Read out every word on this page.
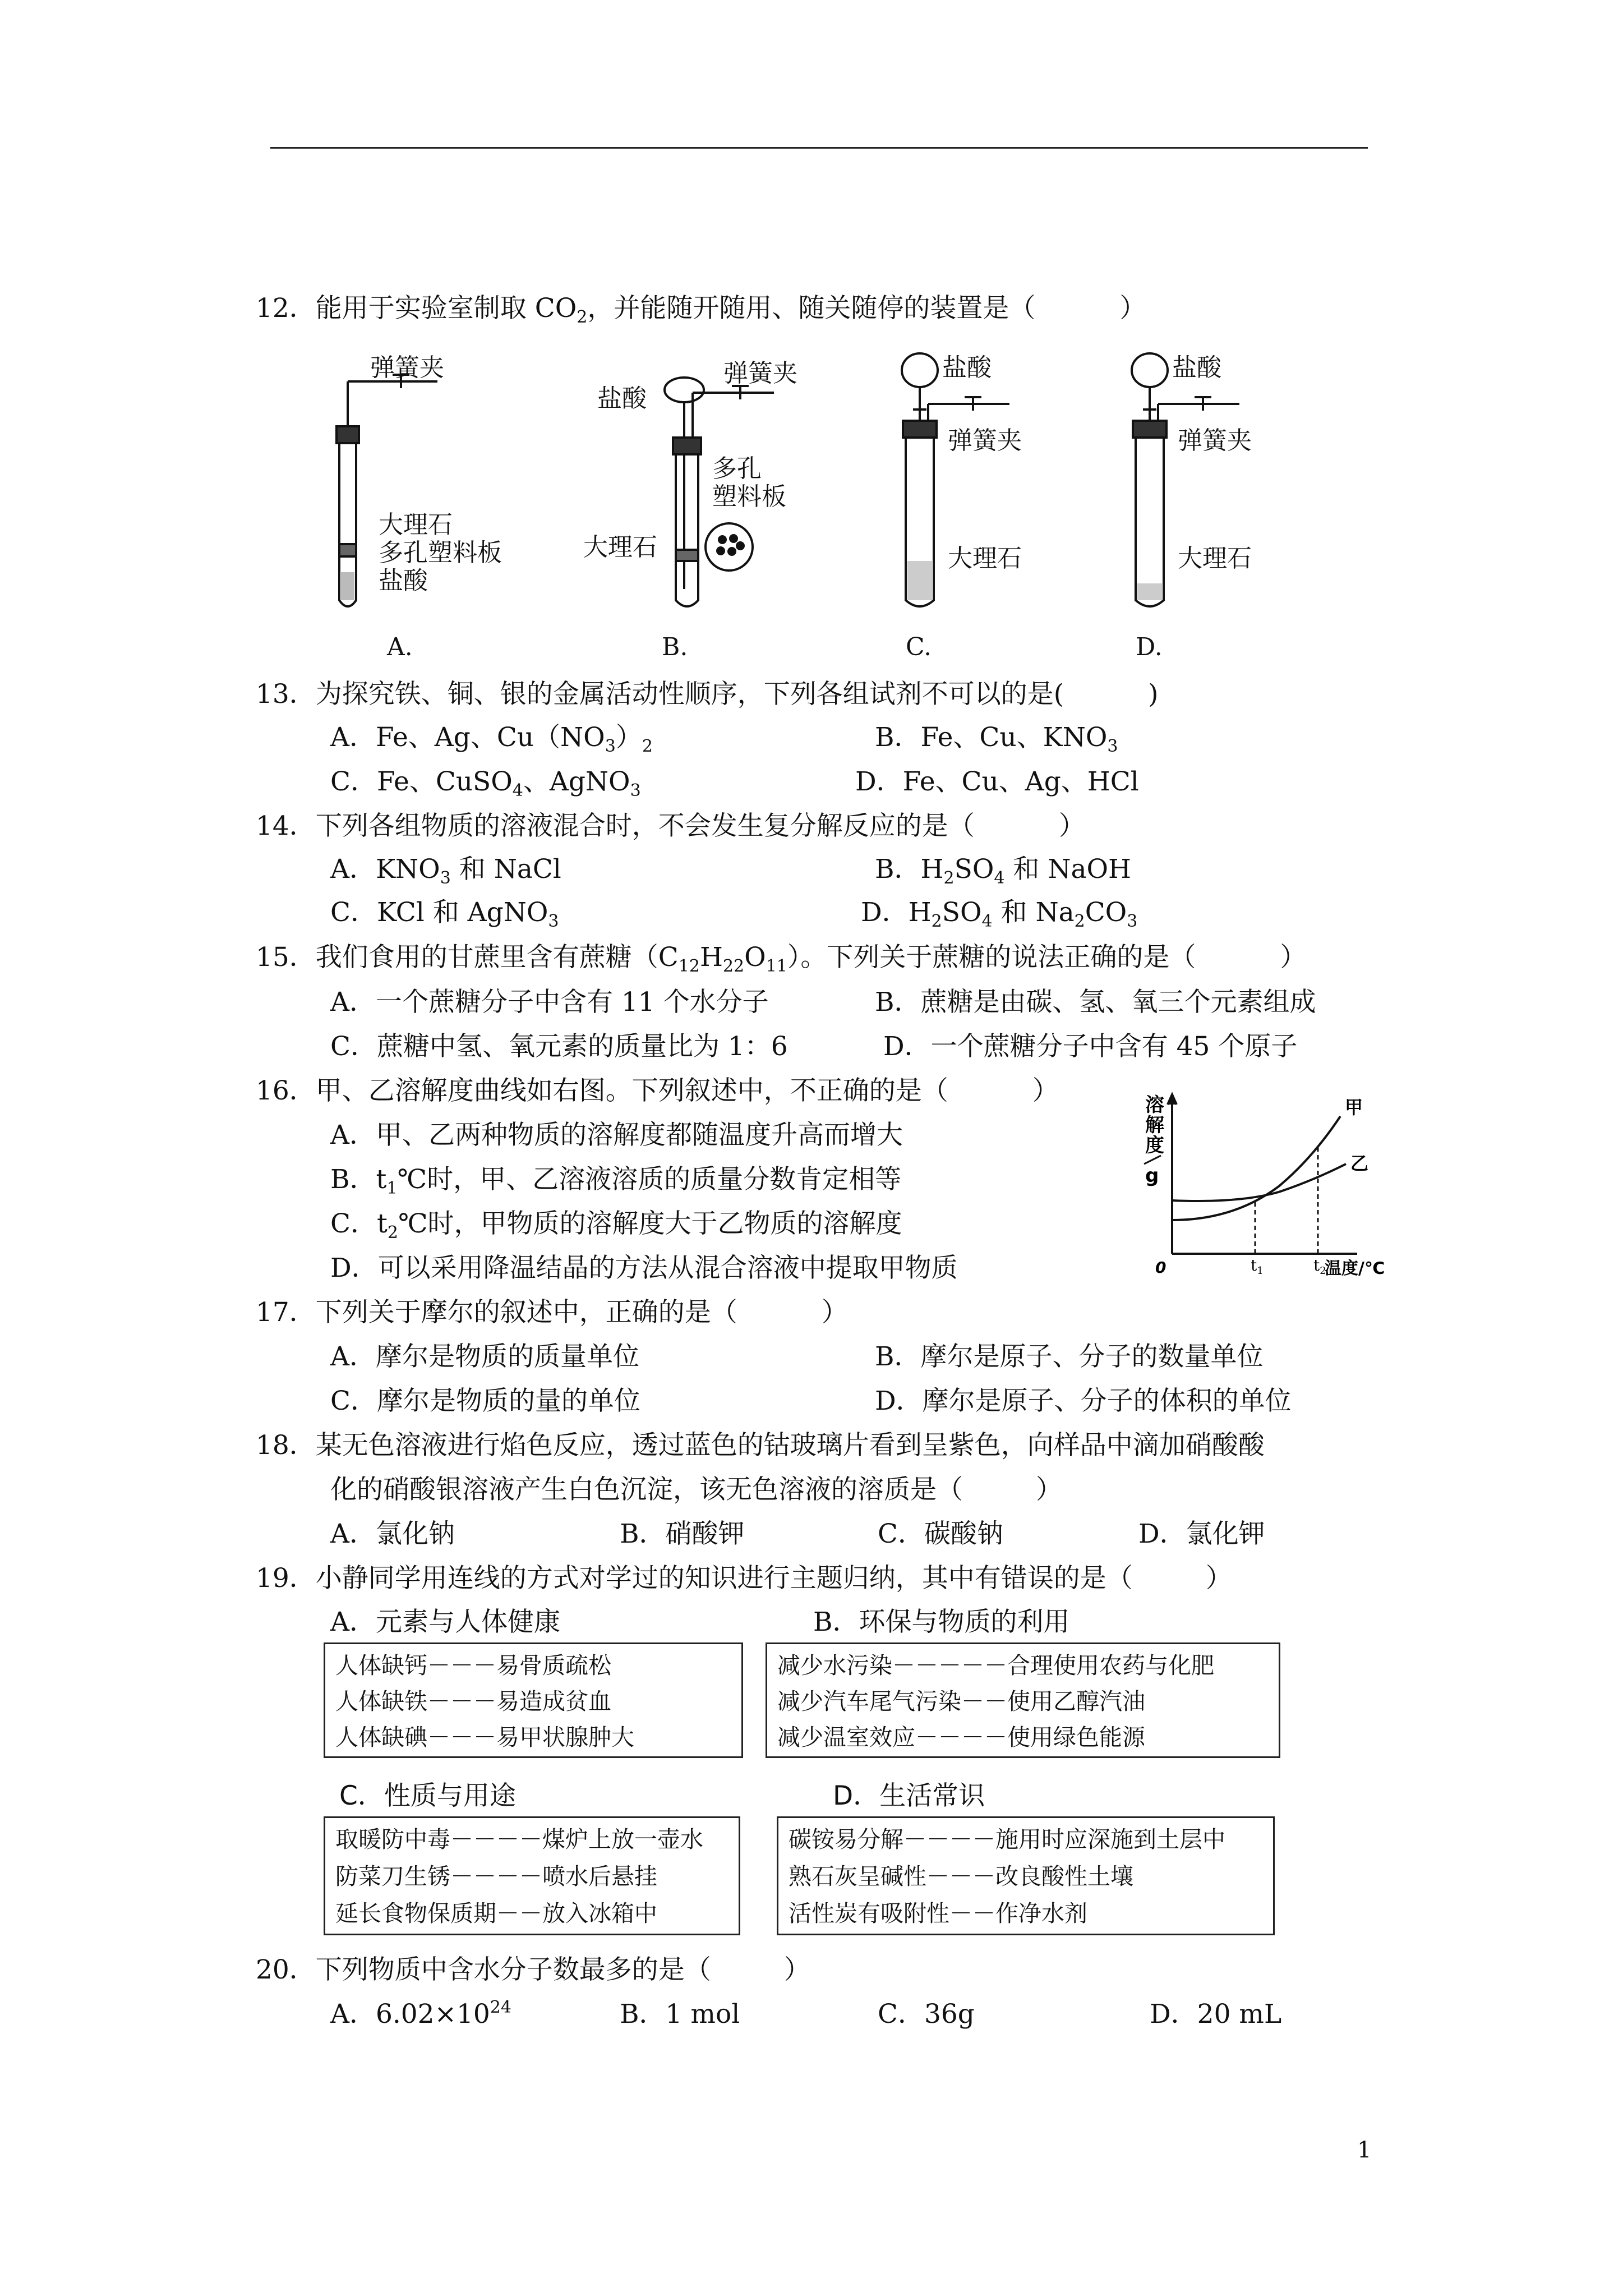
12．能用于实验室制取 $CO_2$，并能随开随用、随关随停的装置是（	）
弹簧夹
大理石
多孔塑料板
盐酸
盐酸
弹簧夹
多孔
塑料板
大理石
盐酸
弹簧夹
大理石
盐酸
弹簧夹
大理石
A.	B.	C.	D.
13．为探究铁、铜、银的金属活动性顺序，下列各组试剂不可以的是(	)
A．Fe、Ag、$Cu(NO_3)_2$	B．Fe、Cu、$KNO_3$
C．Fe、CuSO$_4$、AgNO$_3$	D．Fe、Cu、Ag、HCl
14．下列各组物质的溶液混合时，不会发生复分解反应的是（	）
A．$KNO_3$ 和 NaCl	B．$H_2SO_4$ 和 NaOH
C．KCl 和 AgNO$_3$	D．$H_2SO_4$ 和 $Na_2CO_3$
15．我们食用的甘蔗里含有蔗糖$(C_{12}H_{22}O_{11})$。下列关于蔗糖的说法正确的是（	）
A．一个蔗糖分子中含有 11 个水分子	B．蔗糖是由碳、氢、氧三个元素组成
C．蔗糖中氢、氧元素的质量比为 1：6	D．一个蔗糖分子中含有 45 个原子
16．甲、乙溶解度曲线如右图。下列叙述中，不正确的是（	）
A．甲、乙两种物质的溶解度都随温度升高而增大
B．$t_1℃$时，甲、乙溶液溶质的质量分数肯定相等
C．$t_2℃$时，甲物质的溶解度大于乙物质的溶解度
D．可以采用降温结晶的方法从混合溶液中提取甲物质
溶
解
度
g
0	$t_1$	$t_2$
温度/℃
甲
乙
17．下列关于摩尔的叙述中，正确的是（	）
A．摩尔是物质的质量单位	B．摩尔是原子、分子的数量单位
C．摩尔是物质的量的单位	D．摩尔是原子、分子的体积的单位
18．某无色溶液进行焰色反应，透过蓝色的钴玻璃片看到呈紫色，向样品中滴加硝酸酸
化的硝酸银溶液产生白色沉淀，该无色溶液的溶质是（	）
A．氯化钠	B．硝酸钾	C．碳酸钠	D．氯化钾
19．小静同学用连线的方式对学过的知识进行主题归纳，其中有错误的是（	）
A．元素与人体健康	B．环保与物质的利用
人体缺钙－－－易骨质疏松
人体缺铁－－－易造成贫血
人体缺碘－－－易甲状腺肿大
减少水污染－－－－－合理使用农药与化肥
减少汽车尾气污染－－使用乙醇汽油
减少温室效应－－－－使用绿色能源
C．性质与用途	D．生活常识
取暖防中毒－－－－煤炉上放一壶水
防菜刀生锈－－－－喷水后悬挂
延长食物保质期－－放入冰箱中
碳铵易分解－－－－施用时应深施到土层中
熟石灰呈碱性－－－改良酸性土壤
活性炭有吸附性－－作净水剂
20．下列物质中含水分子数最多的是（	）
A．$6.02\times 10^{24}$	B．1 mol	C．36g	D．20 mL
1
